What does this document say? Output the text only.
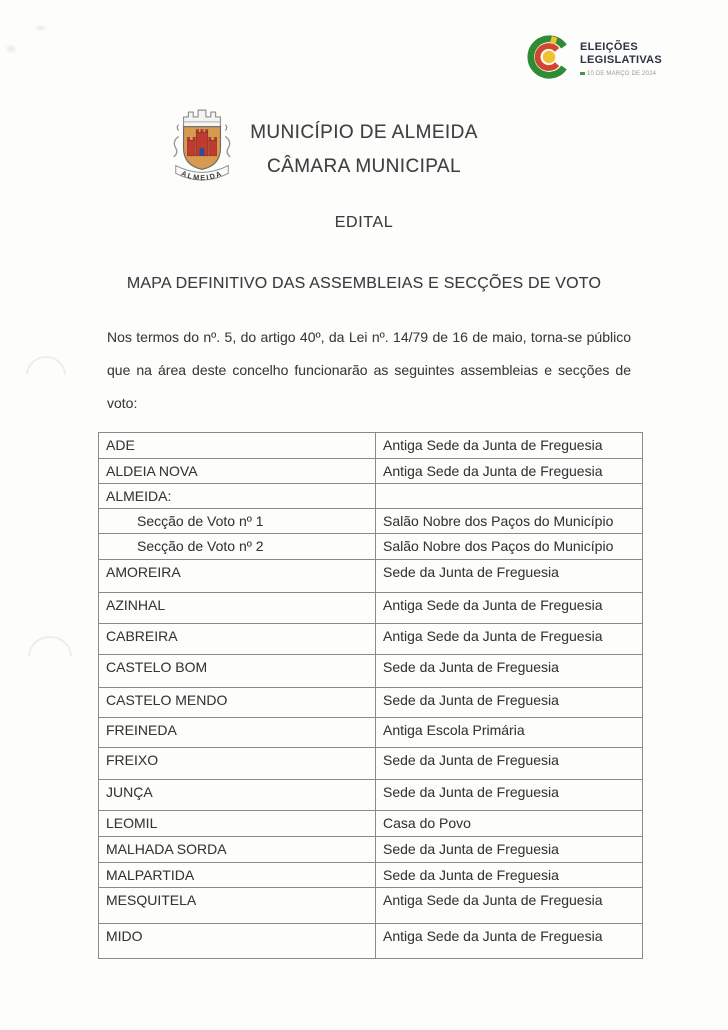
ELEIÇÕES
LEGISLATIVAS
10 DE MARÇO DE 2024
ALMEIDA
MUNICÍPIO DE ALMEIDA
CÂMARA MUNICIPAL
EDITAL
MAPA DEFINITIVO DAS ASSEMBLEIAS E SECÇÕES DE VOTO

Nos termos do nº. 5, do artigo 40º, da Lei nº. 14/79 de 16 de maio, torna-se público que na área deste concelho funcionarão as seguintes assembleias e secções de voto:

ADE	Antiga Sede da Junta de Freguesia
ALDEIA NOVA	Antiga Sede da Junta de Freguesia
ALMEIDA:	
Secção de Voto nº 1	Salão Nobre dos Paços do Município
Secção de Voto nº 2	Salão Nobre dos Paços do Município
AMOREIRA	Sede da Junta de Freguesia
AZINHAL	Antiga Sede da Junta de Freguesia
CABREIRA	Antiga Sede da Junta de Freguesia
CASTELO BOM	Sede da Junta de Freguesia
CASTELO MENDO	Sede da Junta de Freguesia
FREINEDA	Antiga Escola Primária
FREIXO	Sede da Junta de Freguesia
JUNÇA	Sede da Junta de Freguesia
LEOMIL	Casa do Povo
MALHADA SORDA	Sede da Junta de Freguesia
MALPARTIDA	Sede da Junta de Freguesia
MESQUITELA	Antiga Sede da Junta de Freguesia
MIDO	Antiga Sede da Junta de Freguesia
